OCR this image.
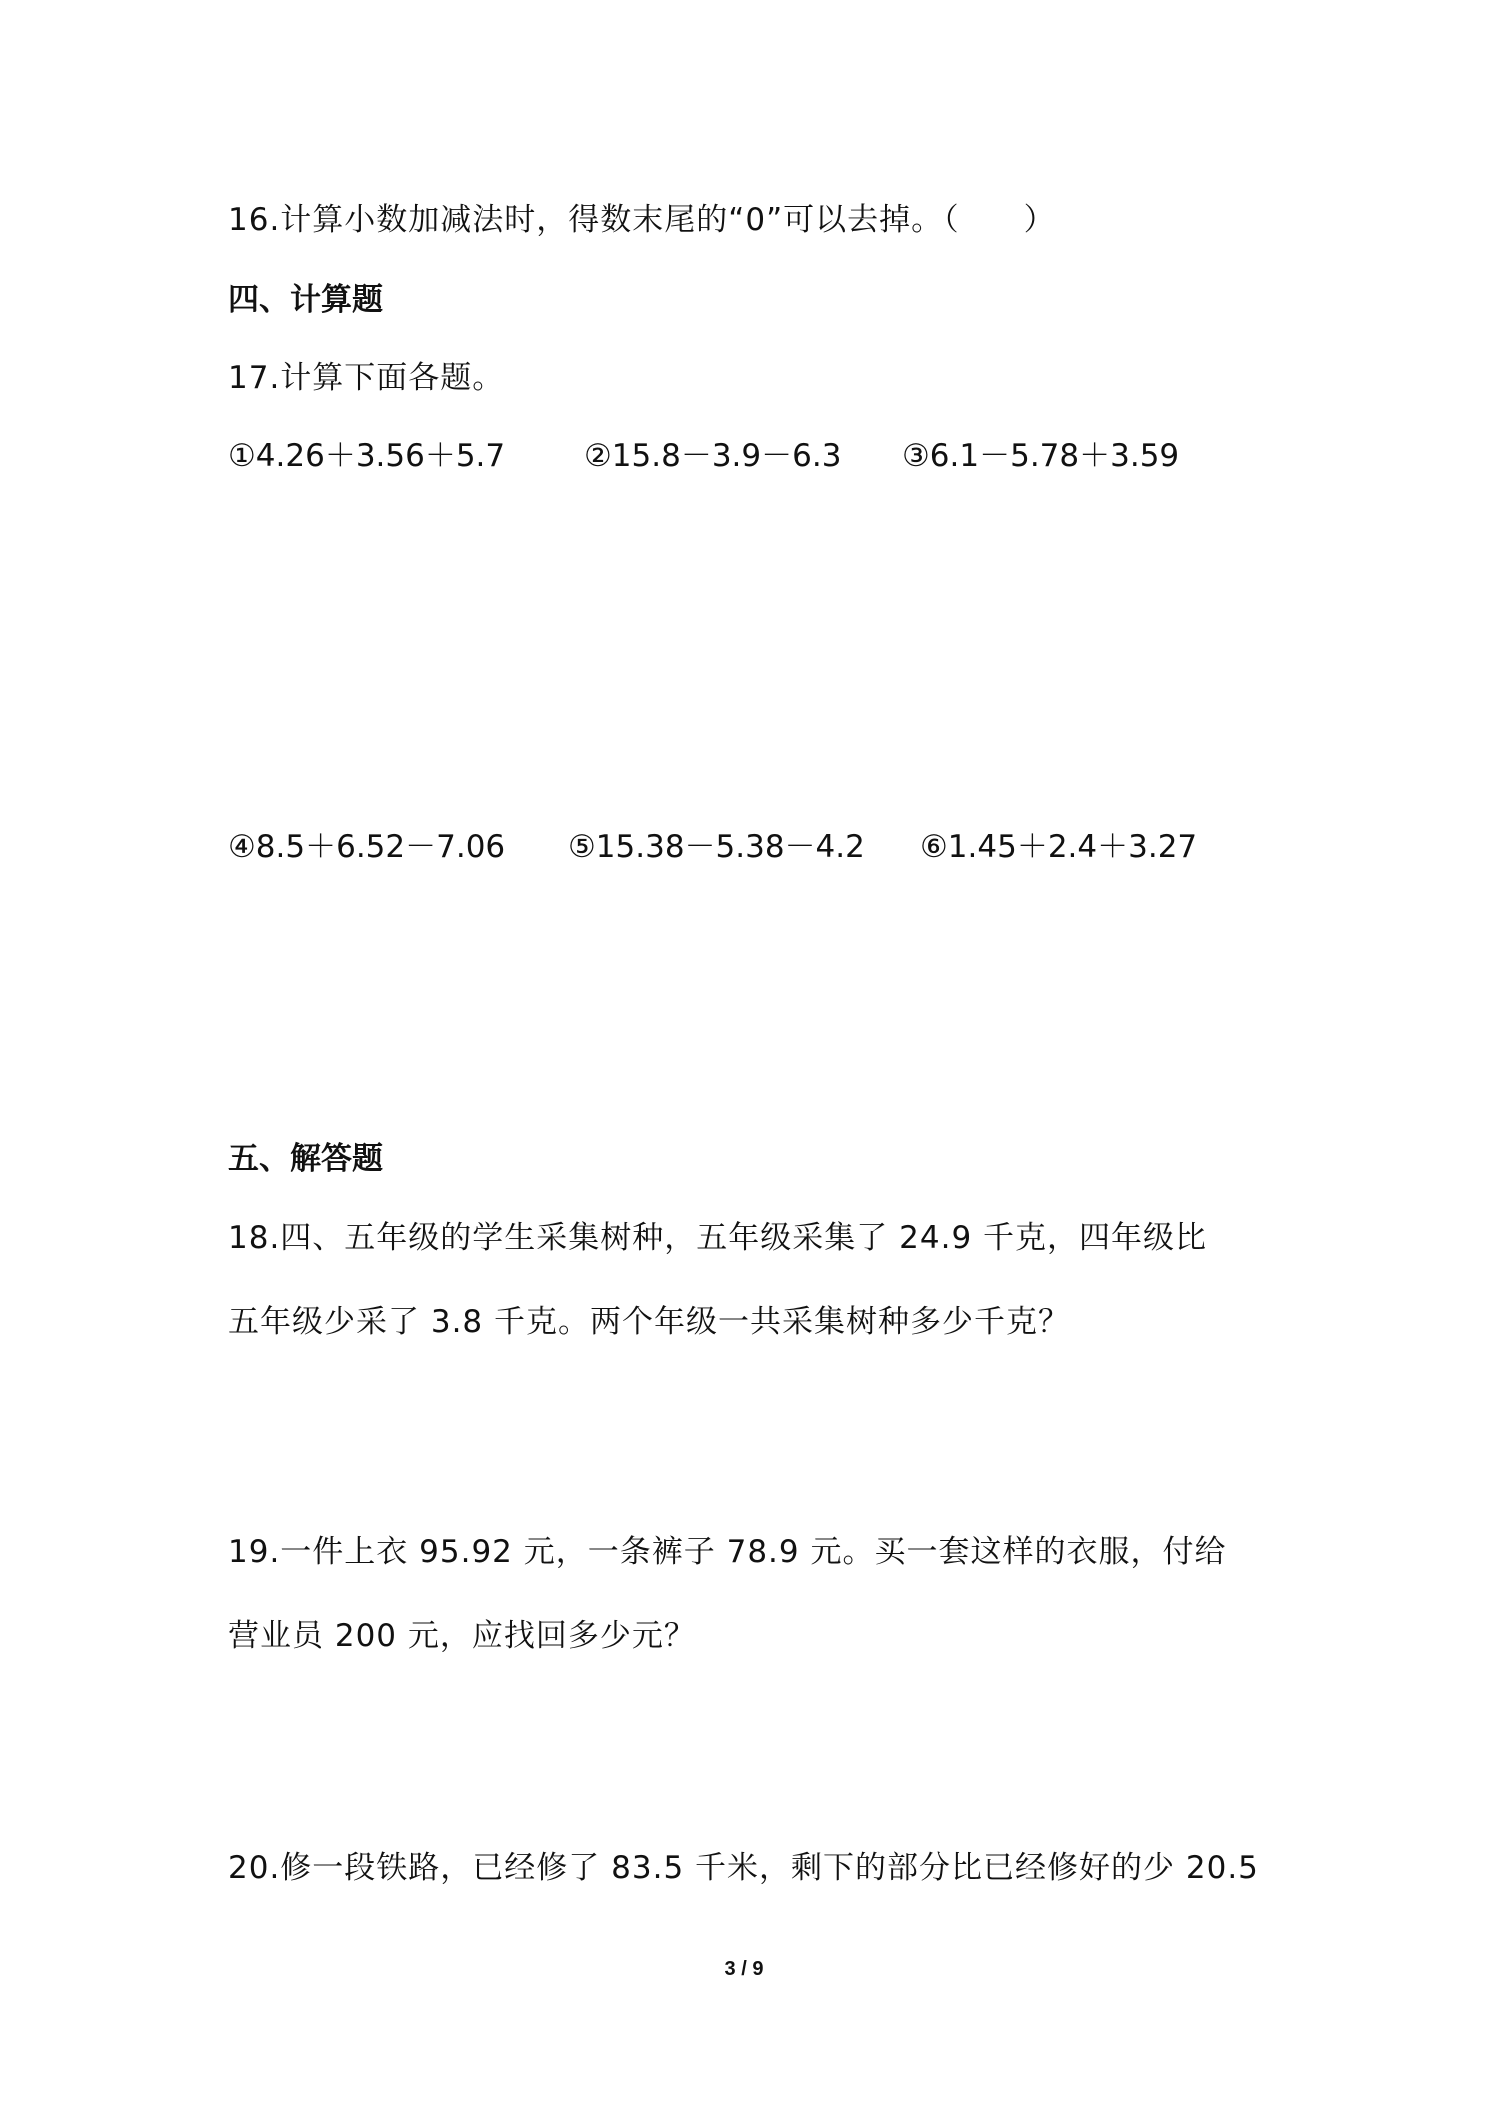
16.计算小数加减法时，得数末尾的“0”可以去掉。（　　）
四、计算题
17.计算下面各题。
①4.26＋3.56＋5.7	②15.8－3.9－6.3 ③6.1－5.78＋3.59
④8.5＋6.52－7.06 ⑤15.38－5.38－4.2 ⑥1.45＋2.4＋3.27
五、解答题
18.四、五年级的学生采集树种，五年级采集了 24.9 千克，四年级比
五年级少采了 3.8 千克。两个年级一共采集树种多少千克？
19.一件上衣 95.92 元，一条裤子 78.9 元。买一套这样的衣服，付给
营业员 200 元，应找回多少元？
20.修一段铁路，已经修了 83.5 千米，剩下的部分比已经修好的少 20.5
3 / 9
